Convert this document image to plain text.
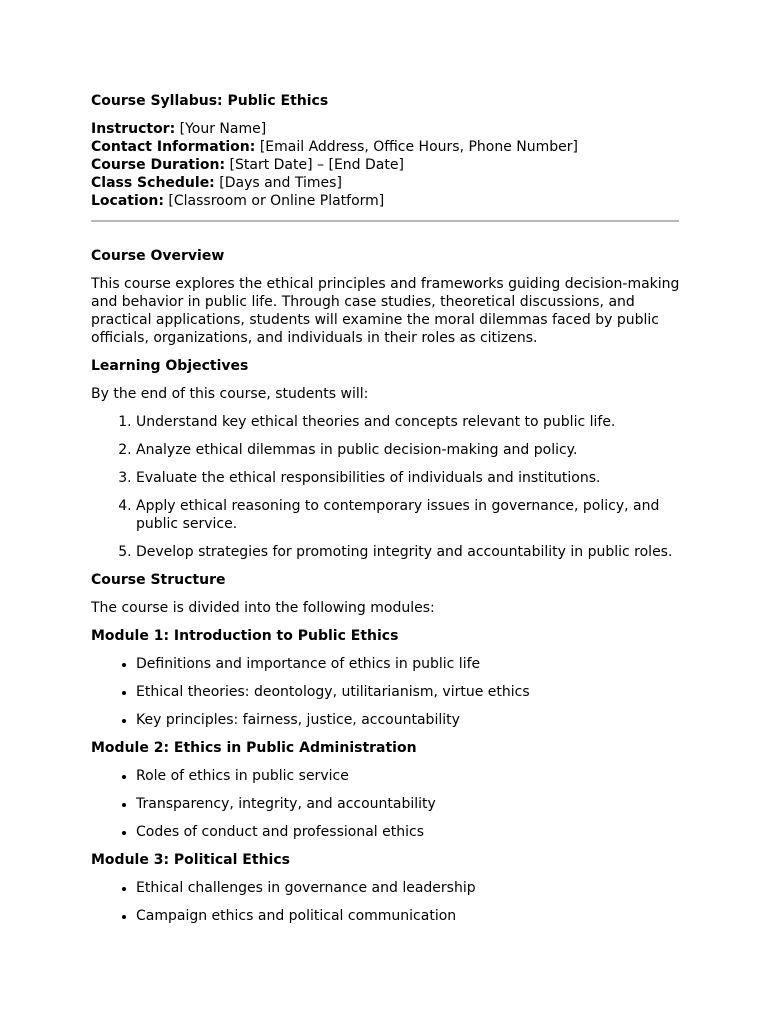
Course Syllabus: Public Ethics

Instructor: [Your Name]

Contact Information: [Email Address, Office Hours, Phone Number]

Course Duration: [Start Date] – [End Date]

Class Schedule: [Days and Times]

Location: [Classroom or Online Platform]

Course Overview

This course explores the ethical principles and frameworks guiding decision-making and behavior in public life. Through case studies, theoretical discussions, and practical applications, students will examine the moral dilemmas faced by public officials, organizations, and individuals in their roles as citizens.

Learning Objectives

By the end of this course, students will:

1. Understand key ethical theories and concepts relevant to public life.
2. Analyze ethical dilemmas in public decision-making and policy.
3. Evaluate the ethical responsibilities of individuals and institutions.
4. Apply ethical reasoning to contemporary issues in governance, policy, and public service.
5. Develop strategies for promoting integrity and accountability in public roles.
Course Structure

The course is divided into the following modules:

Module 1: Introduction to Public Ethics
• Definitions and importance of ethics in public life
• Ethical theories: deontology, utilitarianism, virtue ethics
• Key principles: fairness, justice, accountability
Module 2: Ethics in Public Administration
• Role of ethics in public service
• Transparency, integrity, and accountability
• Codes of conduct and professional ethics
Module 3: Political Ethics
• Ethical challenges in governance and leadership
• Campaign ethics and political communication
